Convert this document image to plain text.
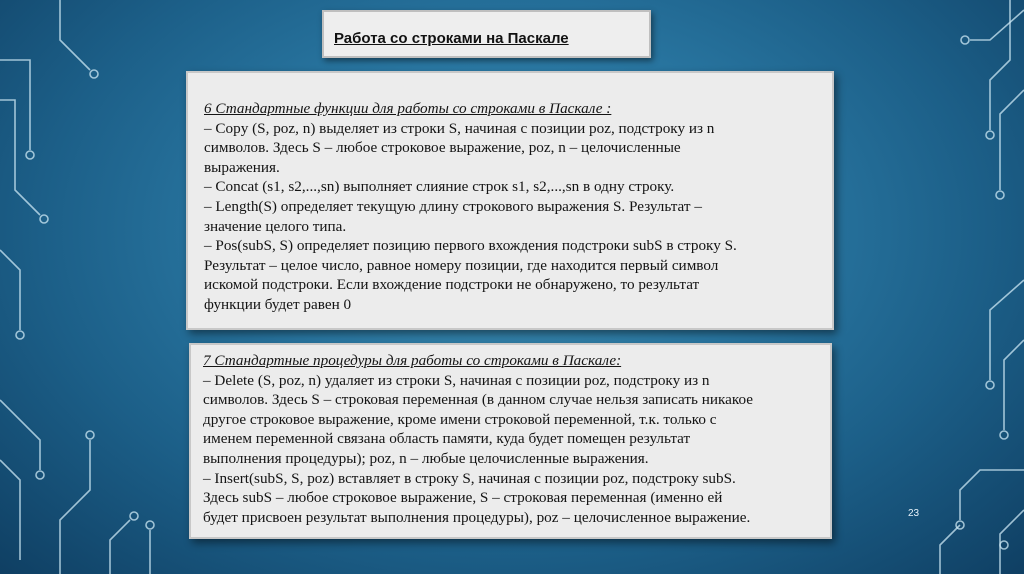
Работа со строками на Паскале
6 Стандартные функции для работы со строками в Паскале :
– Copy (S, poz, n) выделяет из строки S, начиная с позиции poz, подстроку из n
символов. Здесь S – любое строковое выражение, poz, n – целочисленные
выражения.
– Concat (s1, s2,...,sn) выполняет слияние строк s1, s2,...,sn в одну строку.
– Length(S) определяет текущую длину строкового выражения S. Результат –
значение целого типа.
– Pos(subS, S) определяет позицию первого вхождения подстроки subS в строку S.
Результат – целое число, равное номеру позиции, где находится первый символ
искомой подстроки. Если вхождение подстроки не обнаружено, то результат
функции будет равен 0
7 Стандартные процедуры для работы со строками в Паскале:
– Delete (S, poz, n) удаляет из строки S, начиная с позиции poz, подстроку из n
символов. Здесь S – строковая переменная (в данном случае нельзя записать никакое
другое строковое выражение, кроме имени строковой переменной, т.к. только с
именем переменной связана область памяти, куда будет помещен результат
выполнения процедуры); poz, n – любые целочисленные выражения.
– Insert(subS, S, poz) вставляет в строку S, начиная с позиции poz, подстроку subS.
Здесь subS – любое строковое выражение, S – строковая переменная (именно ей
будет присвоен результат выполнения процедуры), poz – целочисленное выражение.	23
